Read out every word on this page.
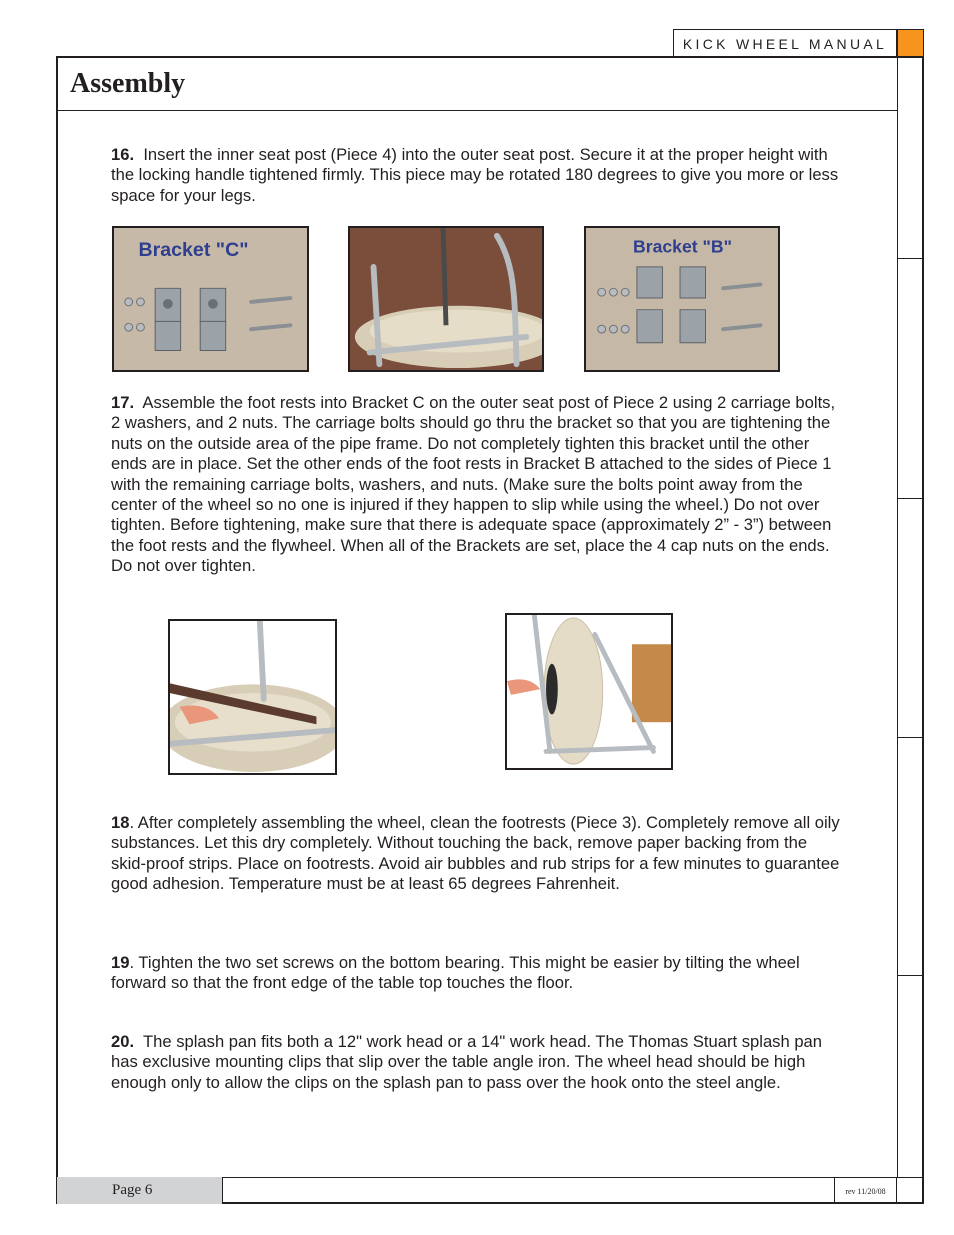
KICK WHEEL MANUAL
Assembly
16. Insert the inner seat post (Piece 4) into the outer seat post. Secure it at the proper height with the locking handle tightened firmly. This piece may be rotated 180 degrees to give you more or less space for your legs.
Bracket "C"	Bracket "B"
17. Assemble the foot rests into Bracket C on the outer seat post of Piece 2 using 2 carriage bolts, 2 washers, and 2 nuts. The carriage bolts should go thru the bracket so that you are tightening the nuts on the outside area of the pipe frame. Do not completely tighten this bracket until the other ends are in place. Set the other ends of the foot rests in Bracket B attached to the sides of Piece 1 with the remaining carriage bolts, washers, and nuts. (Make sure the bolts point away from the center of the wheel so no one is injured if they happen to slip while using the wheel.) Do not over tighten. Before tightening, make sure that there is adequate space (approximately 2” - 3”) between the foot rests and the flywheel. When all of the Brackets are set, place the 4 cap nuts on the ends. Do not over tighten.
18. After completely assembling the wheel, clean the footrests (Piece 3). Completely remove all oily substances. Let this dry completely. Without touching the back, remove paper backing from the skid-proof strips. Place on footrests. Avoid air bubbles and rub strips for a few minutes to guarantee good adhesion. Temperature must be at least 65 degrees Fahrenheit.
19. Tighten the two set screws on the bottom bearing. This might be easier by tilting the wheel forward so that the front edge of the table top touches the floor.
20. The splash pan fits both a 12" work head or a 14" work head. The Thomas Stuart splash pan has exclusive mounting clips that slip over the table angle iron. The wheel head should be high enough only to allow the clips on the splash pan to pass over the hook onto the steel angle.
Page 6	rev 11/20/08
